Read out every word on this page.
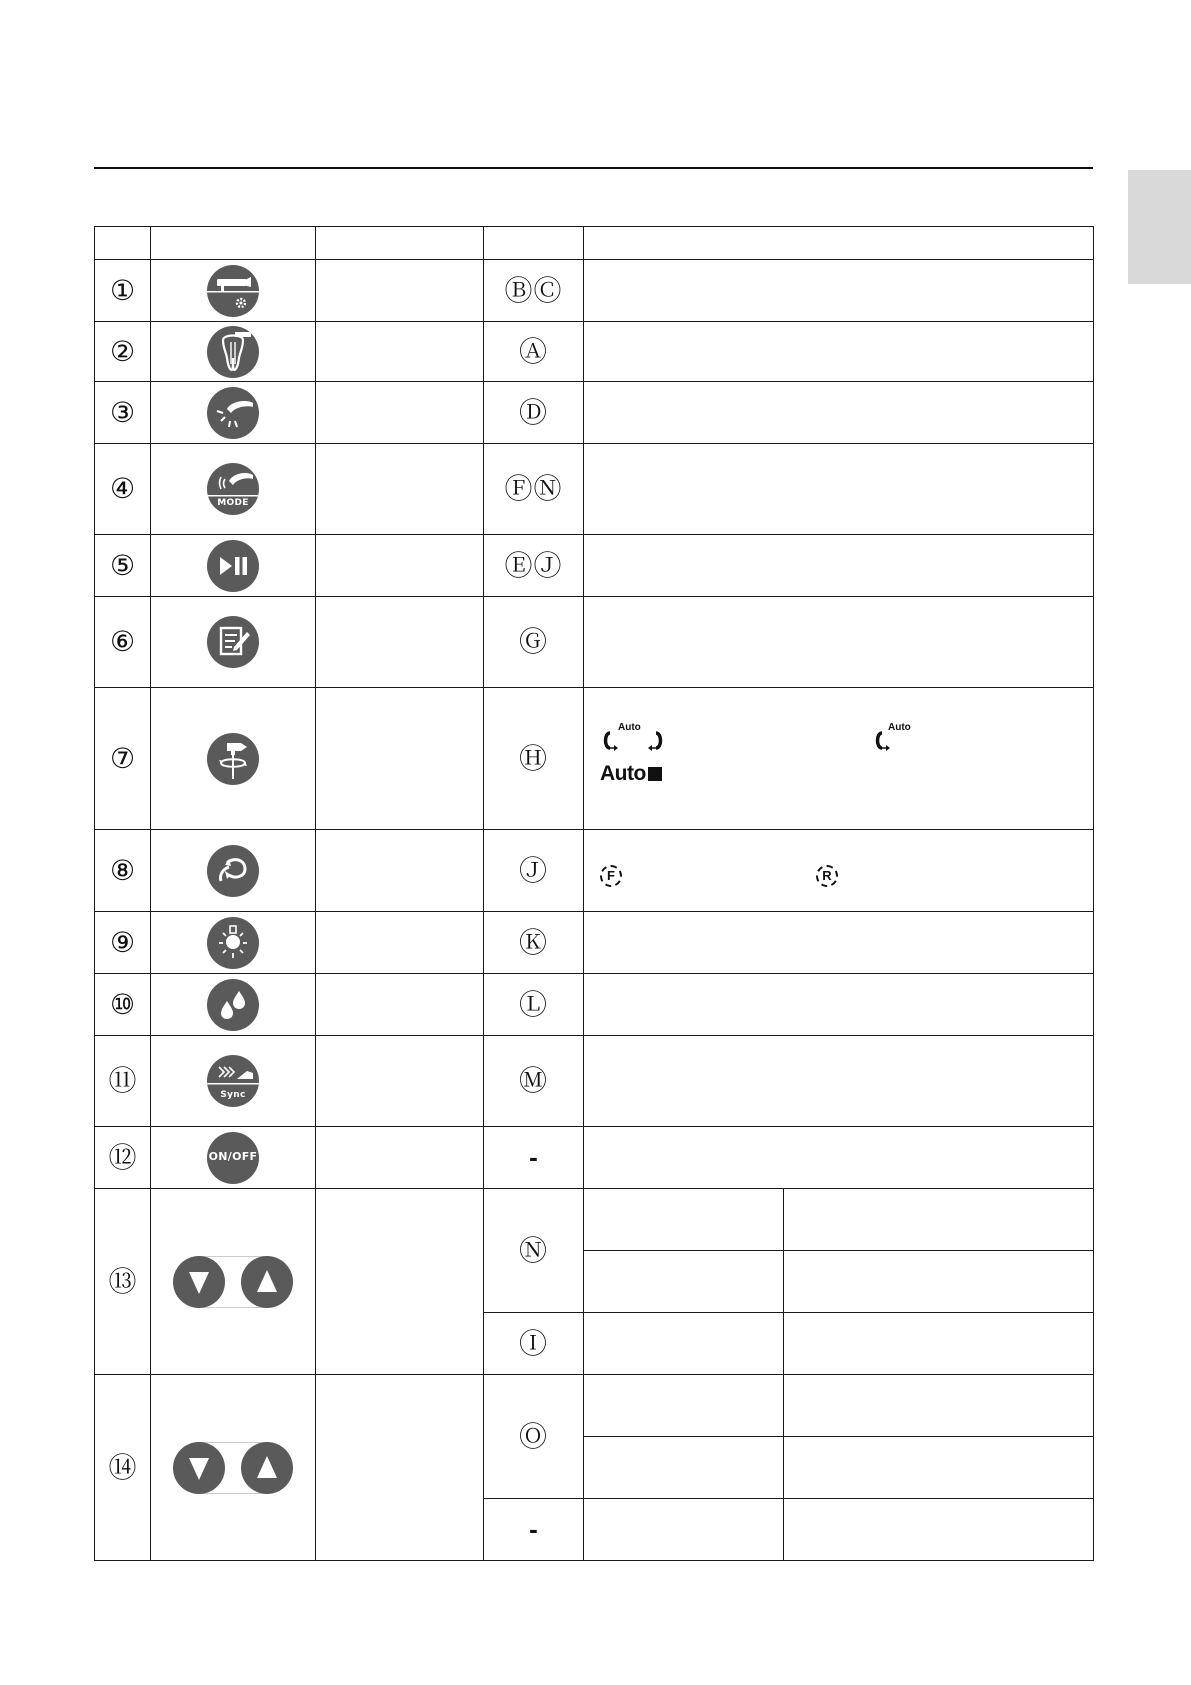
①			ⒷⒸ		
②			Ⓐ		
③			Ⓓ		
④	MODE		ⒻⓃ		
⑤			ⒺⒿ		
⑥			Ⓖ		
⑦			Ⓗ	Auto Auto
Auto	

⑧			Ⓙ	F R	

⑨			Ⓚ		
⑩			Ⓛ		
⑪	Sync		Ⓜ		
⑫	ON/OFF		-		
⑬			Ⓝ		

			Ⓘ		
⑭			Ⓞ		

			-		
